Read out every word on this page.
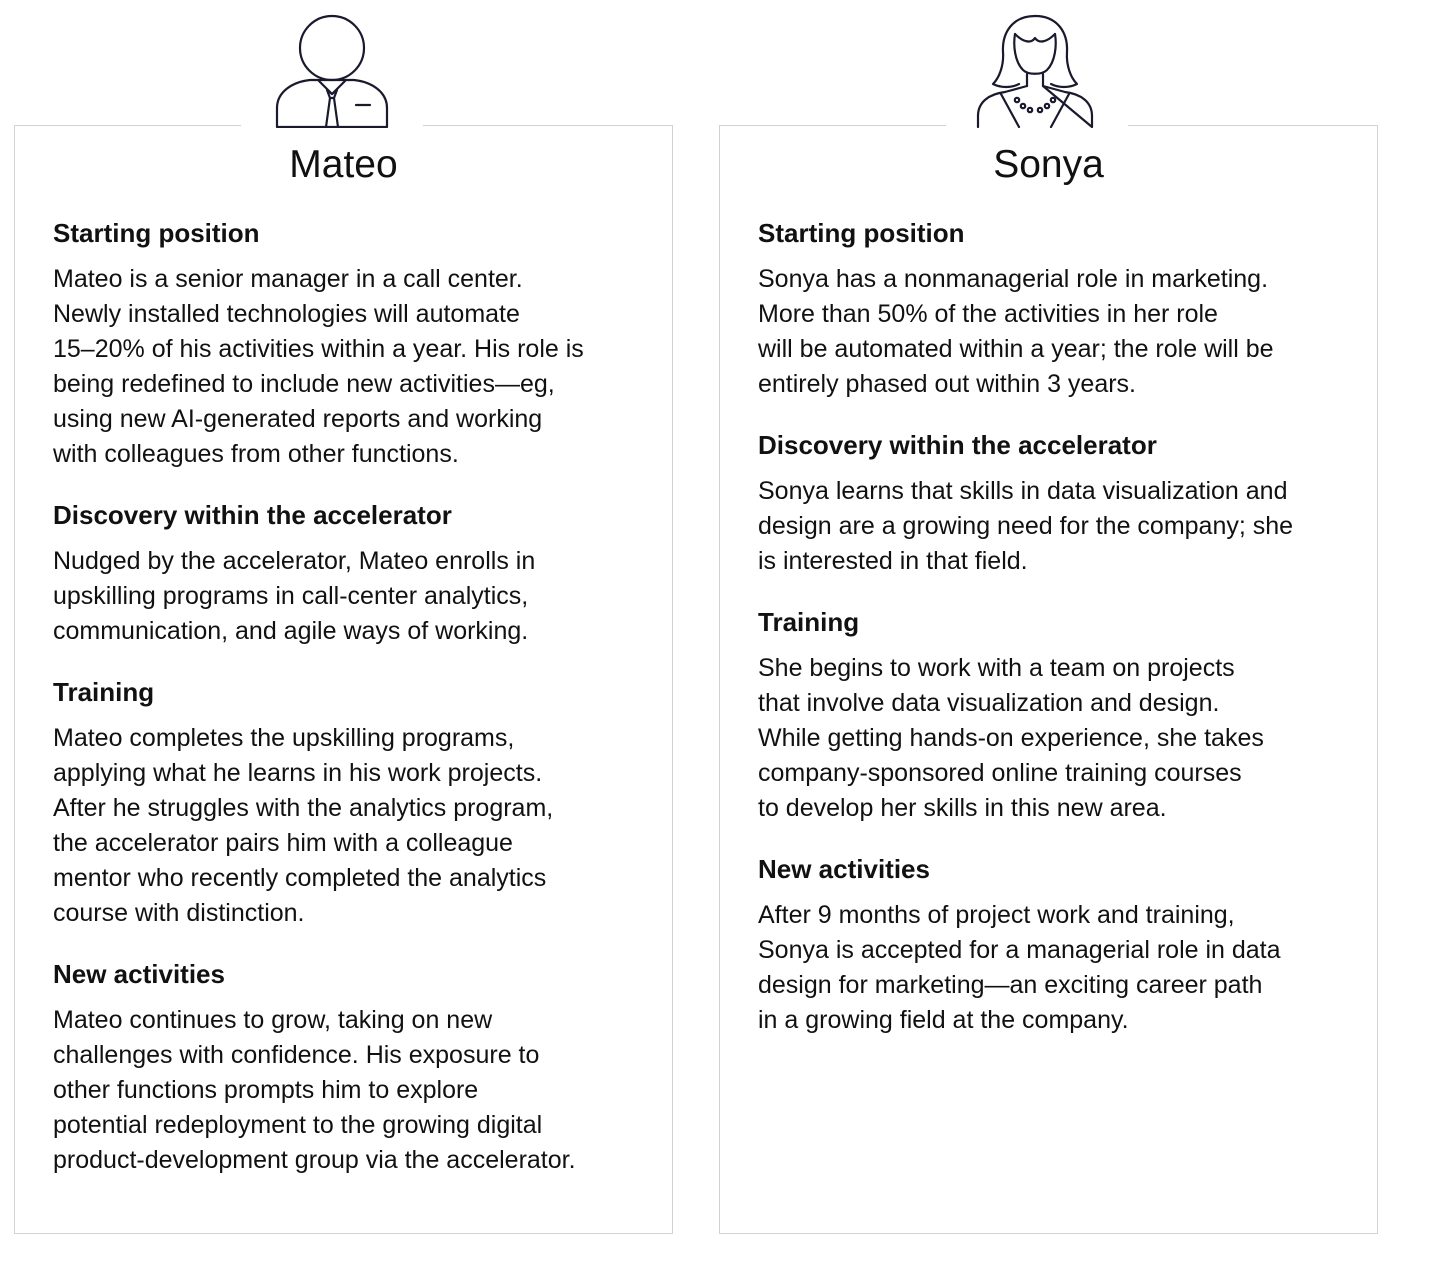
Mateo
Starting position

Mateo is a senior manager in a call center.
Newly installed technologies will automate
15–20% of his activities within a year. His role is
being redefined to include new activities—eg,
using new AI-generated reports and working
with colleagues from other functions.

Discovery within the accelerator

Nudged by the accelerator, Mateo enrolls in
upskilling programs in call-center analytics,
communication, and agile ways of working.

Training

Mateo completes the upskilling programs,
applying what he learns in his work projects.
After he struggles with the analytics program,
the accelerator pairs him with a colleague
mentor who recently completed the analytics
course with distinction.

New activities

Mateo continues to grow, taking on new
challenges with confidence. His exposure to
other functions prompts him to explore
potential redeployment to the growing digital
product-development group via the accelerator.

Sonya
Starting position

Sonya has a nonmanagerial role in marketing.
More than 50% of the activities in her role
will be automated within a year; the role will be
entirely phased out within 3 years.

Discovery within the accelerator

Sonya learns that skills in data visualization and
design are a growing need for the company; she
is interested in that field.

Training

She begins to work with a team on projects
that involve data visualization and design.
While getting hands-on experience, she takes
company-sponsored online training courses
to develop her skills in this new area.

New activities

After 9 months of project work and training,
Sonya is accepted for a managerial role in data
design for marketing—an exciting career path
in a growing field at the company.
